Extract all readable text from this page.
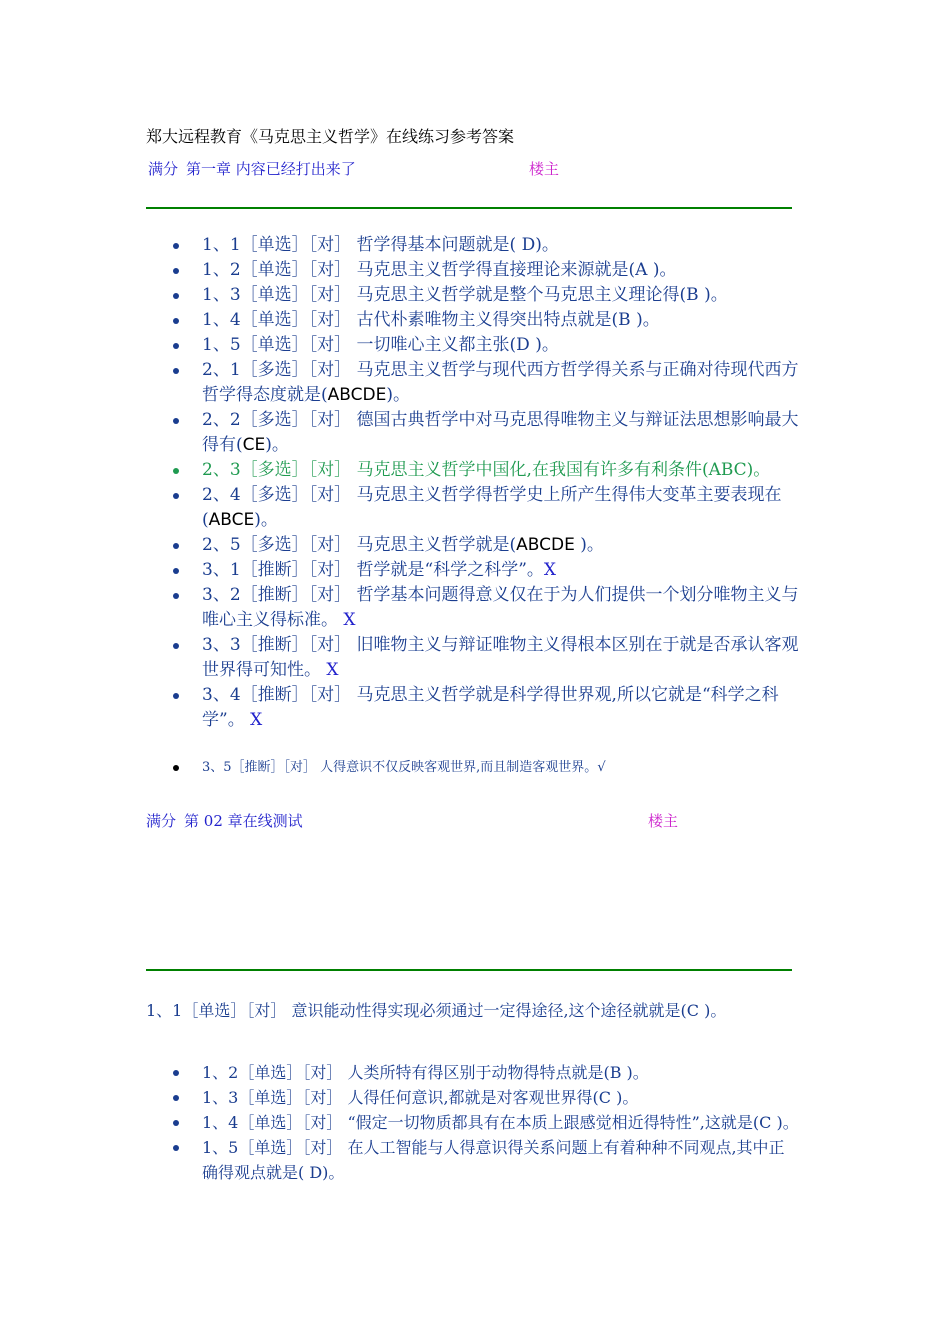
郑大远程教育《马克思主义哲学》在线练习参考答案
满分 第一章 内容已经打出来了	楼主
1、1［单选］［对］ 哲学得基本问题就是( D)。
1、2［单选］［对］ 马克思主义哲学得直接理论来源就是(A )。
1、3［单选］［对］ 马克思主义哲学就是整个马克思主义理论得(B )。
1、4［单选］［对］ 古代朴素唯物主义得突出特点就是(B )。
1、5［单选］［对］ 一切唯心主义都主张(D )。
2、1［多选］［对］ 马克思主义哲学与现代西方哲学得关系与正确对待现代西方哲学得态度就是(ABCDE)。
2、2［多选］［对］ 德国古典哲学中对马克思得唯物主义与辩证法思想影响最大得有(CE)。
2、3［多选］［对］ 马克思主义哲学中国化,在我国有许多有利条件(ABC)。
2、4［多选］［对］ 马克思主义哲学得哲学史上所产生得伟大变革主要表现在(ABCE)。
2、5［多选］［对］ 马克思主义哲学就是(ABCDE )。
3、1［推断］［对］ 哲学就是“科学之科学”。X
3、2［推断］［对］ 哲学基本问题得意义仅在于为人们提供一个划分唯物主义与唯心主义得标准。 X
3、3［推断］［对］ 旧唯物主义与辩证唯物主义得根本区别在于就是否承认客观世界得可知性。 X
3、4［推断］［对］ 马克思主义哲学就是科学得世界观,所以它就是“科学之科学”。 X
3、5［推断］［对］ 人得意识不仅反映客观世界,而且制造客观世界。√
满分 第 02 章在线测试	楼主
1、1［单选］［对］ 意识能动性得实现必须通过一定得途径,这个途径就就是(C )。
1、2［单选］［对］ 人类所特有得区别于动物得特点就是(B )。
1、3［单选］［对］ 人得任何意识,都就是对客观世界得(C )。
1、4［单选］［对］ “假定一切物质都具有在本质上跟感觉相近得特性”,这就是(C )。
1、5［单选］［对］ 在人工智能与人得意识得关系问题上有着种种不同观点,其中正确得观点就是( D)。
